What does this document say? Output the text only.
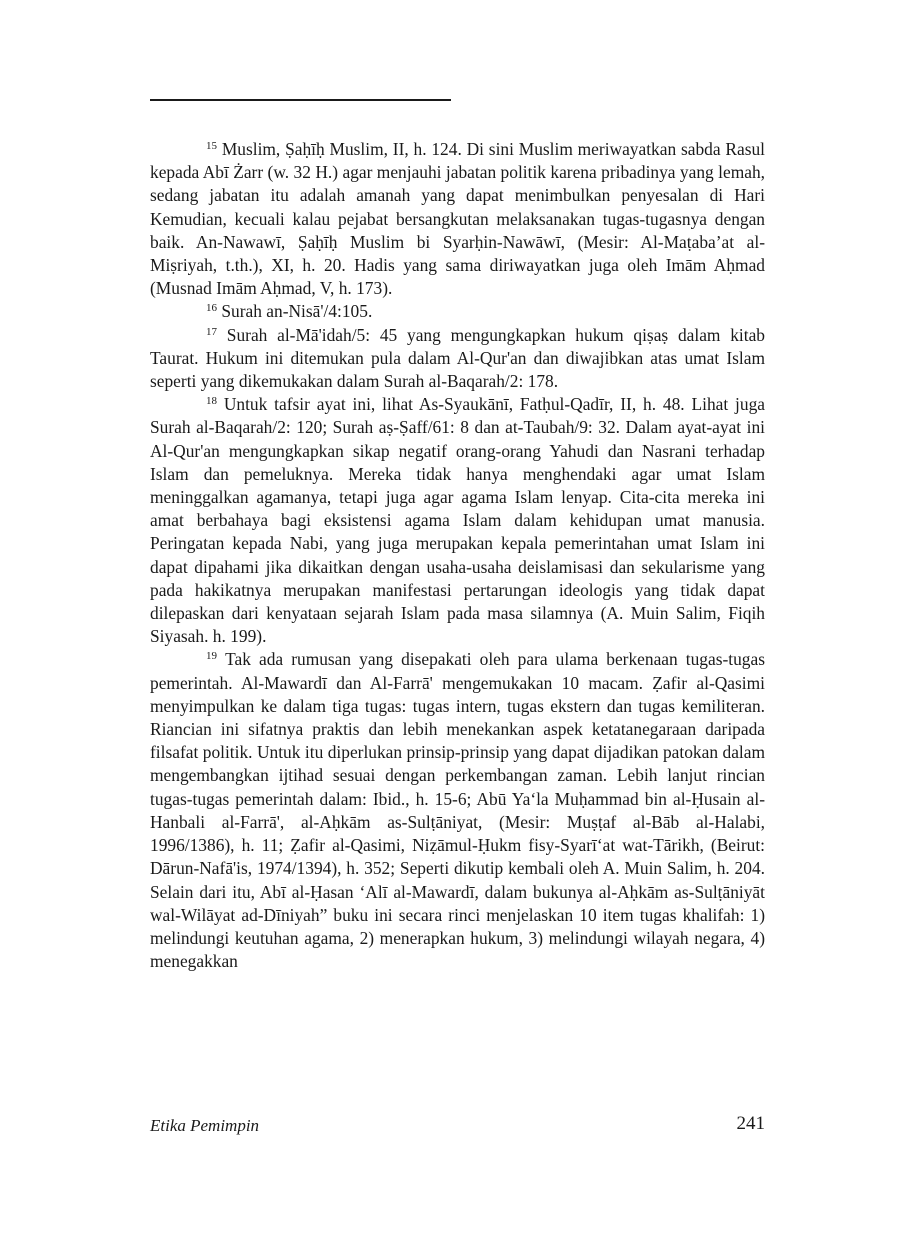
$^{15}$ Muslim, Ṣaḥīḥ Muslim, II, h. 124. Di sini Muslim meriwayatkan sabda Rasul kepada Abī Żarr (w. 32 H.) agar menjauhi jabatan politik karena pribadinya yang lemah, sedang jabatan itu adalah amanah yang dapat menimbulkan penyesalan di Hari Kemudian, kecuali kalau pejabat bersangkutan melaksanakan tugas-tugasnya dengan baik. An-Nawawī, Ṣaḥīḥ Muslim bi Syarḥin-Nawāwī, (Mesir: Al-Maṭaba’at al-Miṣriyah, t.th.), XI, h. 20. Hadis yang sama diriwayatkan juga oleh Imām Aḥmad (Musnad Imām Aḥmad, V, h. 173).

$^{16}$ Surah an-Nisā'/4:105.

$^{17}$ Surah al-Mā'idah/5: 45 yang mengungkapkan hukum qiṣaṣ dalam kitab Taurat. Hukum ini ditemukan pula dalam Al-Qur'an dan diwajibkan atas umat Islam seperti yang dikemukakan dalam Surah al-Baqarah/2: 178.

$^{18}$ Untuk tafsir ayat ini, lihat As-Syaukānī, Fatḥul-Qadīr, II, h. 48. Lihat juga Surah al-Baqarah/2: 120; Surah aṣ-Ṣaff/61: 8 dan at-Taubah/9: 32. Dalam ayat-ayat ini Al-Qur'an mengungkapkan sikap negatif orang-orang Yahudi dan Nasrani terhadap Islam dan pemeluknya. Mereka tidak hanya menghendaki agar umat Islam meninggalkan agamanya, tetapi juga agar agama Islam lenyap. Cita-cita mereka ini amat berbahaya bagi eksistensi agama Islam dalam kehidupan umat manusia. Peringatan kepada Nabi, yang juga merupakan kepala pemerintahan umat Islam ini dapat dipahami jika dikaitkan dengan usaha-usaha deislamisasi dan sekularisme yang pada hakikatnya merupakan manifestasi pertarungan ideologis yang tidak dapat dilepaskan dari kenyataan sejarah Islam pada masa silamnya (A. Muin Salim, Fiqih Siyasah. h. 199).

$^{19}$ Tak ada rumusan yang disepakati oleh para ulama berkenaan tugas-tugas pemerintah. Al-Mawardī dan Al-Farrā' mengemukakan 10 macam. Ẓafir al-Qasimi menyimpulkan ke dalam tiga tugas: tugas intern, tugas ekstern dan tugas kemiliteran. Riancian ini sifatnya praktis dan lebih menekankan aspek ketatanegaraan daripada filsafat politik. Untuk itu diperlukan prinsip-prinsip yang dapat dijadikan patokan dalam mengembangkan ijtihad sesuai dengan perkembangan zaman. Lebih lanjut rincian tugas-tugas pemerintah dalam: Ibid., h. 15-6; Abū Ya‘la Muḥammad bin al-Ḥusain al-Hanbali al-Farrā', al-Aḥkām as-Sulṭāniyat, (Mesir: Muṣṭaf al-Bāb al-Halabi, 1996/1386), h. 11; Ẓafir al-Qasimi, Niẓāmul-Ḥukm fisy-Syarī‘at wat-Tārikh, (Beirut: Dārun-Nafā'is, 1974/1394), h. 352; Seperti dikutip kembali oleh A. Muin Salim, h. 204. Selain dari itu, Abī al-Ḥasan ‘Alī al-Mawardī, dalam bukunya al-Aḥkām as-Sulṭāniyāt wal-Wilāyat ad-Dīniyah” buku ini secara rinci menjelaskan 10 item tugas khalifah: 1) melindungi keutuhan agama, 2) menerapkan hukum, 3) melindungi wilayah negara, 4) menegakkan

Etika Pemimpin	241
